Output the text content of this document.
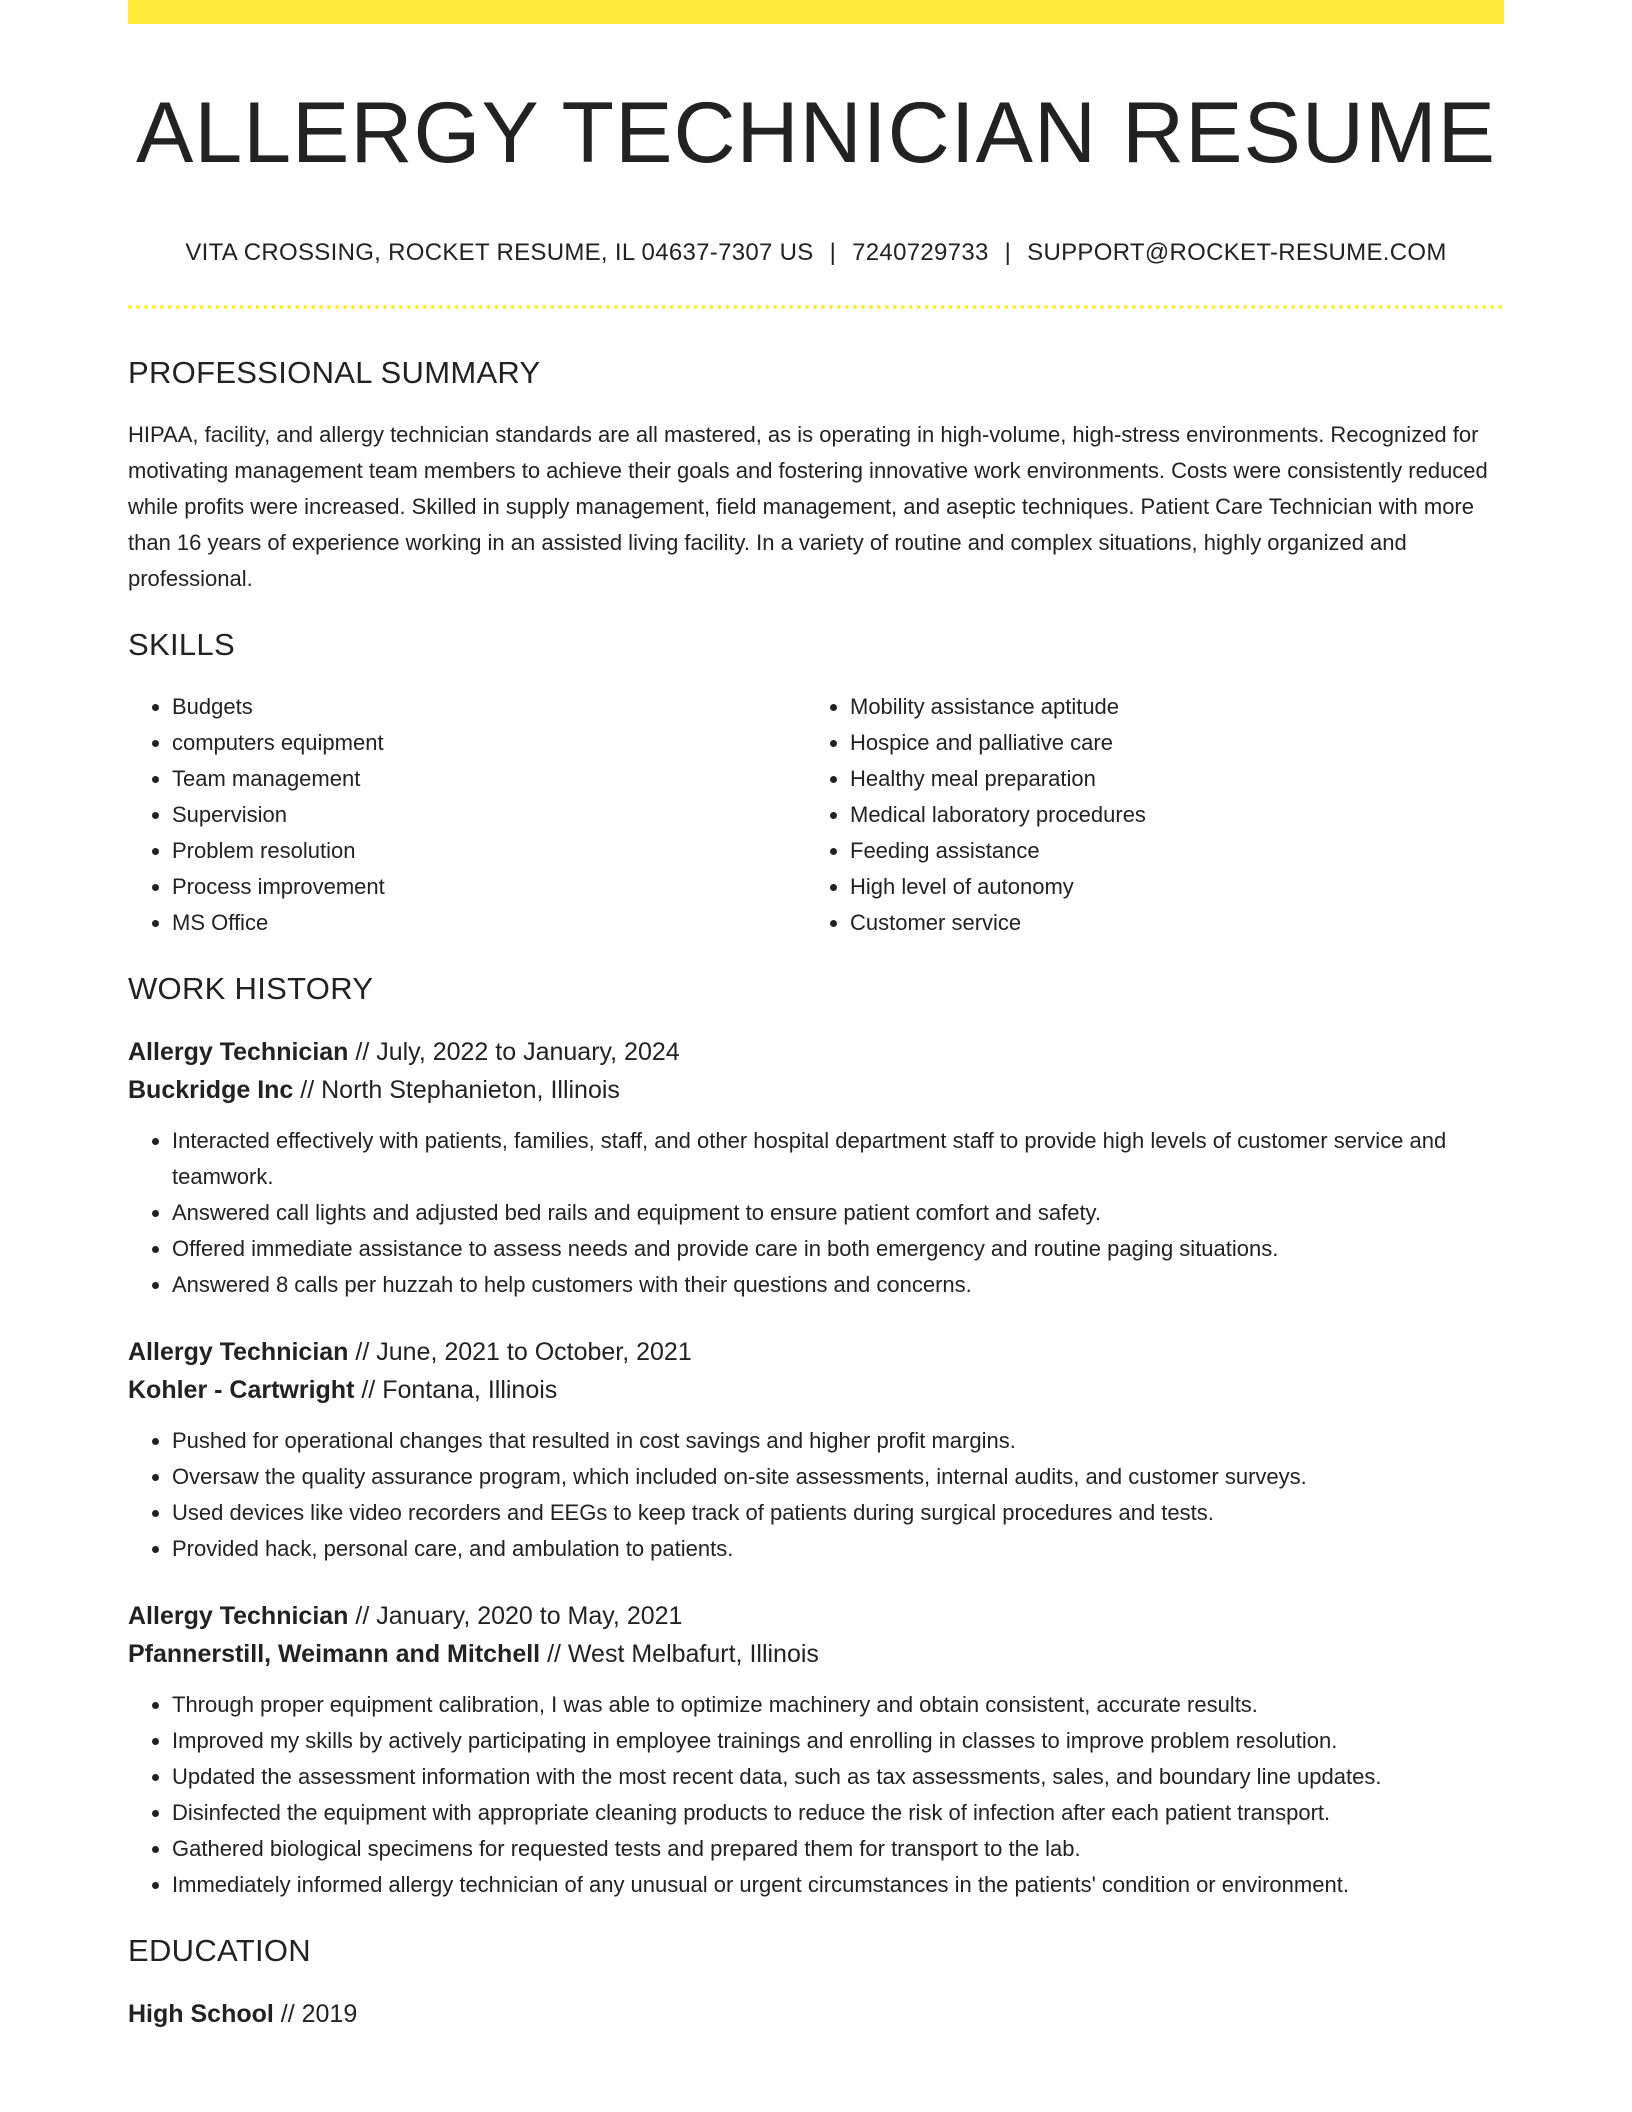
ALLERGY TECHNICIAN RESUME
VITA CROSSING, ROCKET RESUME, IL 04637-7307 US | 7240729733 | SUPPORT@ROCKET-RESUME.COM
PROFESSIONAL SUMMARY
HIPAA, facility, and allergy technician standards are all mastered, as is operating in high-volume, high-stress environments. Recognized for motivating management team members to achieve their goals and fostering innovative work environments. Costs were consistently reduced while profits were increased. Skilled in supply management, field management, and aseptic techniques. Patient Care Technician with more than 16 years of experience working in an assisted living facility. In a variety of routine and complex situations, highly organized and professional.
SKILLS
• Budgets
• computers equipment
• Team management
• Supervision
• Problem resolution
• Process improvement
• MS Office
• Mobility assistance aptitude
• Hospice and palliative care
• Healthy meal preparation
• Medical laboratory procedures
• Feeding assistance
• High level of autonomy
• Customer service
WORK HISTORY
Allergy Technician // July, 2022 to January, 2024
Buckridge Inc // North Stephanieton, Illinois
• Interacted effectively with patients, families, staff, and other hospital department staff to provide high levels of customer service and teamwork.
• Answered call lights and adjusted bed rails and equipment to ensure patient comfort and safety.
• Offered immediate assistance to assess needs and provide care in both emergency and routine paging situations.
• Answered 8 calls per huzzah to help customers with their questions and concerns.
Allergy Technician // June, 2021 to October, 2021
Kohler - Cartwright // Fontana, Illinois
• Pushed for operational changes that resulted in cost savings and higher profit margins.
• Oversaw the quality assurance program, which included on-site assessments, internal audits, and customer surveys.
• Used devices like video recorders and EEGs to keep track of patients during surgical procedures and tests.
• Provided hack, personal care, and ambulation to patients.
Allergy Technician // January, 2020 to May, 2021
Pfannerstill, Weimann and Mitchell // West Melbafurt, Illinois
• Through proper equipment calibration, I was able to optimize machinery and obtain consistent, accurate results.
• Improved my skills by actively participating in employee trainings and enrolling in classes to improve problem resolution.
• Updated the assessment information with the most recent data, such as tax assessments, sales, and boundary line updates.
• Disinfected the equipment with appropriate cleaning products to reduce the risk of infection after each patient transport.
• Gathered biological specimens for requested tests and prepared them for transport to the lab.
• Immediately informed allergy technician of any unusual or urgent circumstances in the patients' condition or environment.
EDUCATION
High School // 2019
